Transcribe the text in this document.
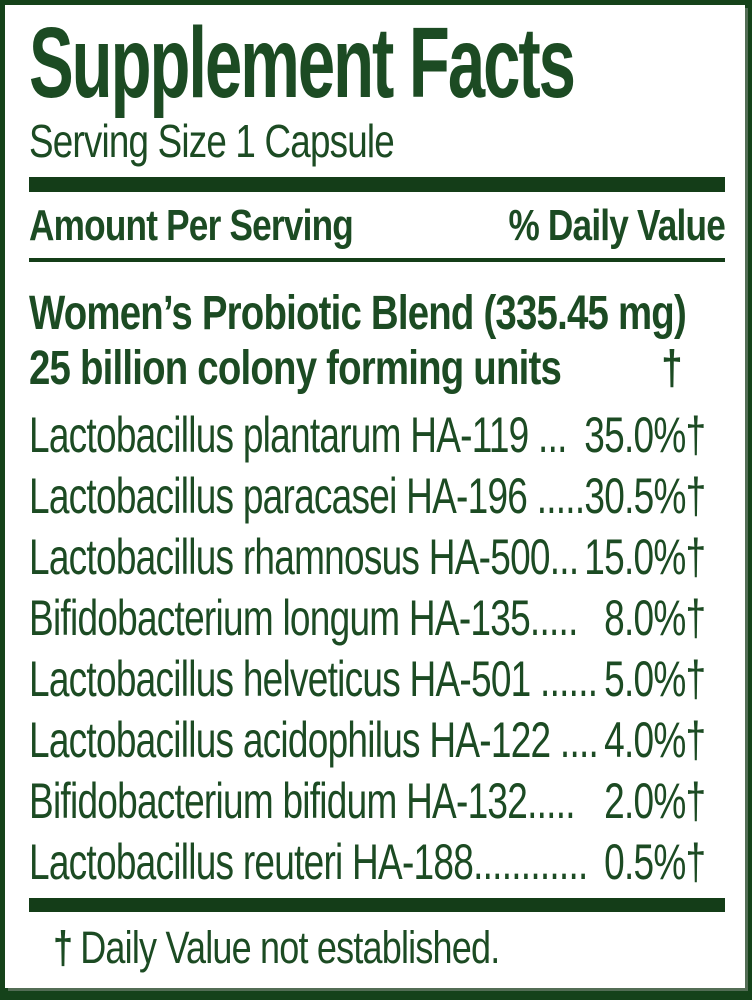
Supplement Facts
Serving Size 1 Capsule
Amount Per Serving	% Daily Value
Women’s Probiotic Blend (335.45 mg)
25 billion colony forming units †
Lactobacillus plantarum HA-119 ... 35.0%†
Lactobacillus paracasei HA-196 ..... 30.5%†
Lactobacillus rhamnosus HA-500... 15.0%†
Bifidobacterium longum HA-135..... 8.0%†
Lactobacillus helveticus HA-501 ...... 5.0%†
Lactobacillus acidophilus HA-122 .... 4.0%†
Bifidobacterium bifidum HA-132..... 2.0%†
Lactobacillus reuteri HA-188............ 0.5%†
† Daily Value not established.
